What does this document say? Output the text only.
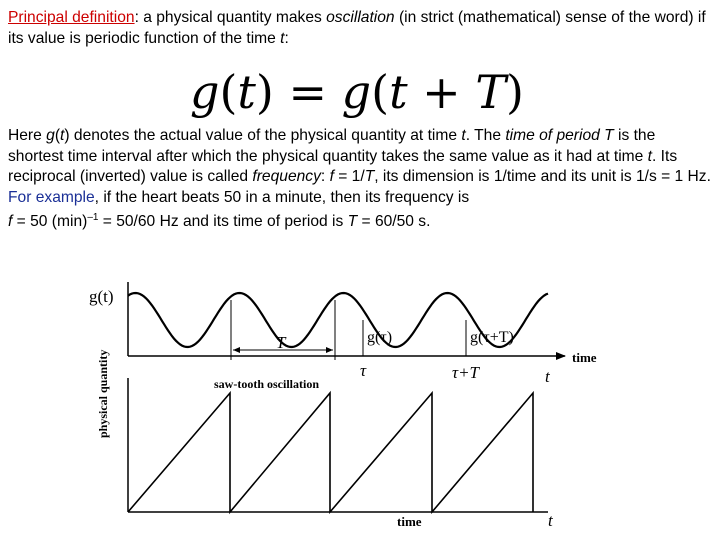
Principal definition: a physical quantity makes oscillation (in strict (mathematical) sense of the word) if its value is periodic function of the time t:

g(t) = g(t + T)

Here g(t) denotes the actual value of the physical quantity at time t. The time of period T is the shortest time interval after which the physical quantity takes the same value as it had at time t. Its reciprocal (inverted) value is called frequency: f = 1/T, its dimension is 1/time and its unit is 1/s = 1 Hz.
For example, if the heart beats 50 in a minute, then its frequency is
f = 50 $(\min)^{-1} = 50/60$ Hz and its time of period is T = 60/50 s.

g(t)
physical quantity	time
t
T	g(τ)	g(τ+T)
τ	τ+T
saw-tooth oscillation
time	t
